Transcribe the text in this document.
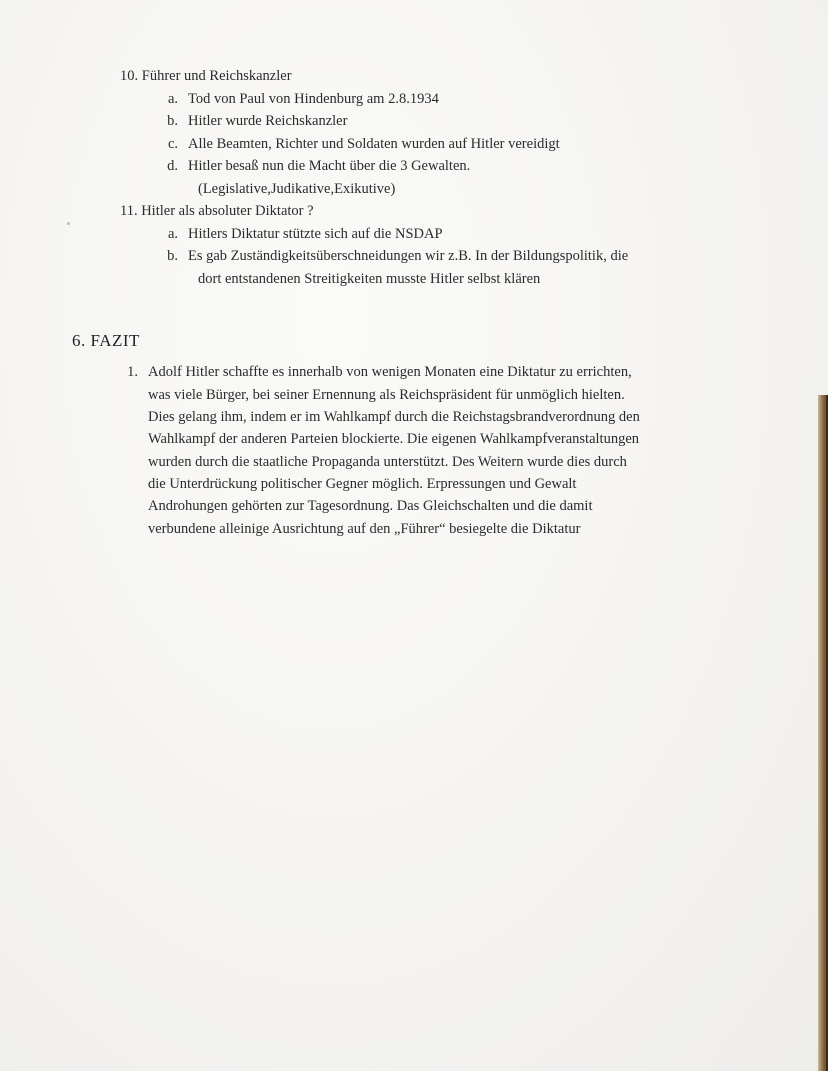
10. Führer und Reichskanzler
a. Tod von Paul von Hindenburg am 2.8.1934
b. Hitler wurde Reichskanzler
c. Alle Beamten, Richter und Soldaten wurden auf Hitler vereidigt
d. Hitler besaß nun die Macht über die 3 Gewalten.
(Legislative,Judikative,Exikutive)
11. Hitler als absoluter Diktator ?
a. Hitlers Diktatur stützte sich auf die NSDAP
b. Es gab Zuständigkeitsüberschneidungen wir z.B. In der Bildungspolitik, die
dort entstandenen Streitigkeiten musste Hitler selbst klären
6. FAZIT
1. Adolf Hitler schaffte es innerhalb von wenigen Monaten eine Diktatur zu errichten,
was viele Bürger, bei seiner Ernennung als Reichspräsident für unmöglich hielten.
Dies gelang ihm, indem er im Wahlkampf durch die Reichstagsbrandverordnung den
Wahlkampf der anderen Parteien blockierte. Die eigenen Wahlkampfveranstaltungen
wurden durch die staatliche Propaganda unterstützt. Des Weitern wurde dies durch
die Unterdrückung politischer Gegner möglich. Erpressungen und Gewalt
Androhungen gehörten zur Tagesordnung. Das Gleichschalten und die damit
verbundene alleinige Ausrichtung auf den „Führer“ besiegelte die Diktatur
